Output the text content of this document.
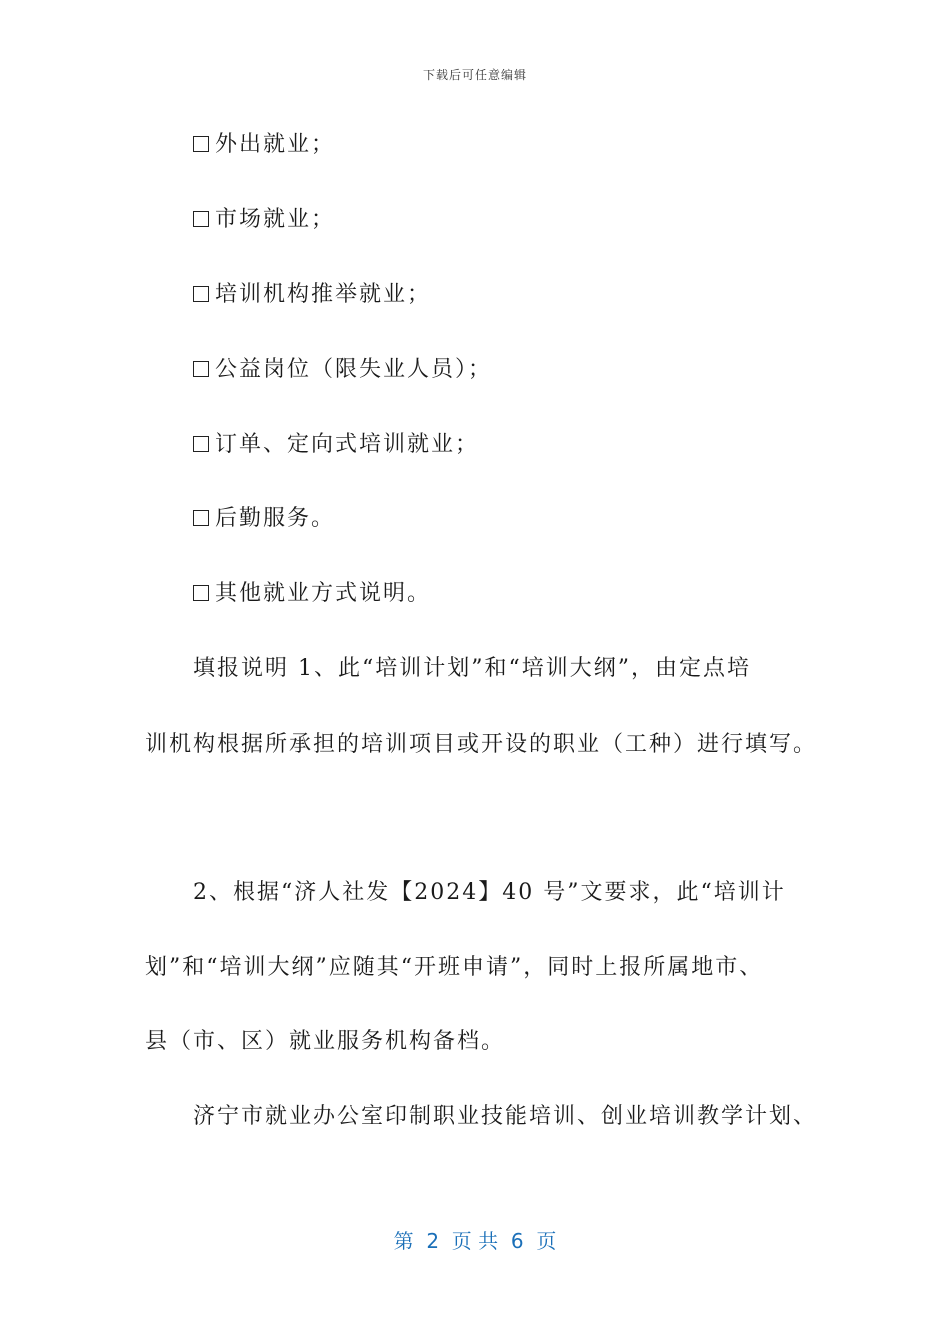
下载后可任意编辑
外出就业；
市场就业；
培训机构推举就业；
公益岗位（限失业人员）；
订单、定向式培训就业；
后勤服务。
其他就业方式说明。
填报说明 1、此“培训计划”和“培训大纲”，由定点培
训机构根据所承担的培训项目或开设的职业（工种）进行填写。
2、根据“济人社发【2024】40 号”文要求，此“培训计
划”和“培训大纲”应随其“开班申请”，同时上报所属地市、
县（市、区）就业服务机构备档。
济宁市就业办公室印制职业技能培训、创业培训教学计划、
第  2  页 共  6  页
